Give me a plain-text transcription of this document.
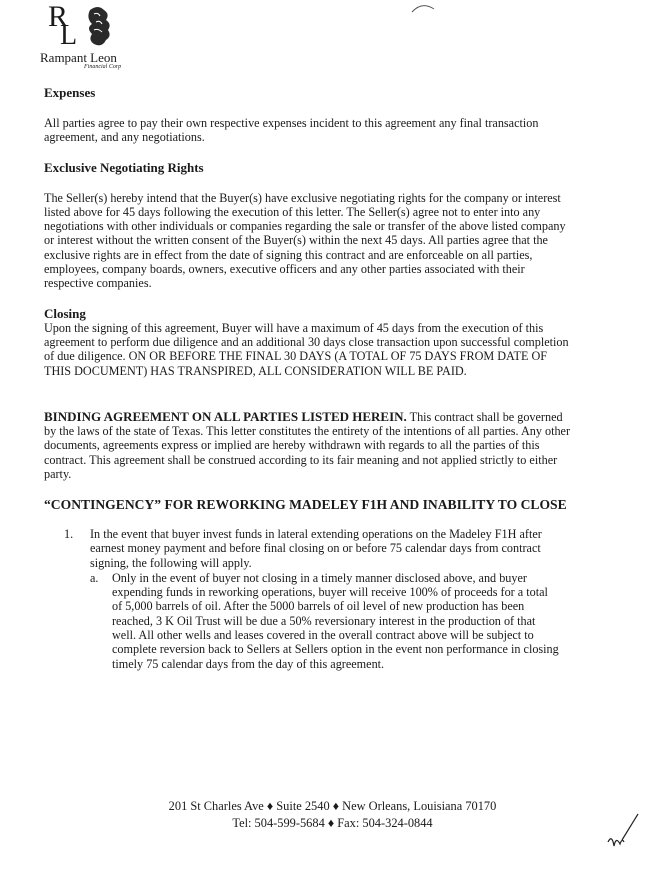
R
L
Rampant Leon
Financial Corp

Expenses

All parties agree to pay their own respective expenses incident to this agreement any final transaction agreement, and any negotiations.

Exclusive Negotiating Rights

The Seller(s) hereby intend that the Buyer(s) have exclusive negotiating rights for the company or interest listed above for 45 days following the execution of this letter. The Seller(s) agree not to enter into any negotiations with other individuals or companies regarding the sale or transfer of the above listed company or interest without the written consent of the Buyer(s) within the next 45 days. All parties agree that the exclusive rights are in effect from the date of signing this contract and are enforceable on all parties, employees, company boards, owners, executive officers and any other parties associated with their respective companies.

Closing

Upon the signing of this agreement, Buyer will have a maximum of 45 days from the execution of this agreement to perform due diligence and an additional 30 days close transaction upon successful completion of due diligence. ON OR BEFORE THE FINAL 30 DAYS (A TOTAL OF 75 DAYS FROM DATE OF THIS DOCUMENT) HAS TRANSPIRED, ALL CONSIDERATION WILL BE PAID.

BINDING AGREEMENT ON ALL PARTIES LISTED HEREIN. This contract shall be governed by the laws of the state of Texas. This letter constitutes the entirety of the intentions of all parties. Any other documents, agreements express or implied are hereby withdrawn with regards to all the parties of this contract. This agreement shall be construed according to its fair meaning and not applied strictly to either party.

“CONTINGENCY” FOR REWORKING MADELEY F1H AND INABILITY TO CLOSE

1.	In the event that buyer invest funds in lateral extending operations on the Madeley F1H after earnest money payment and before final closing on or before 75 calendar days from contract signing, the following will apply.

a.	Only in the event of buyer not closing in a timely manner disclosed above, and buyer expending funds in reworking operations, buyer will receive 100% of proceeds for a total of 5,000 barrels of oil. After the 5000 barrels of oil level of new production has been reached, 3 K Oil Trust will be due a 50% reversionary interest in the production of that well. All other wells and leases covered in the overall contract above will be subject to complete reversion back to Sellers at Sellers option in the event non performance in closing timely 75 calendar days from the day of this agreement.

201 St Charles Ave ♦ Suite 2540 ♦ New Orleans, Louisiana 70170
Tel: 504-599-5684 ♦ Fax: 504-324-0844
